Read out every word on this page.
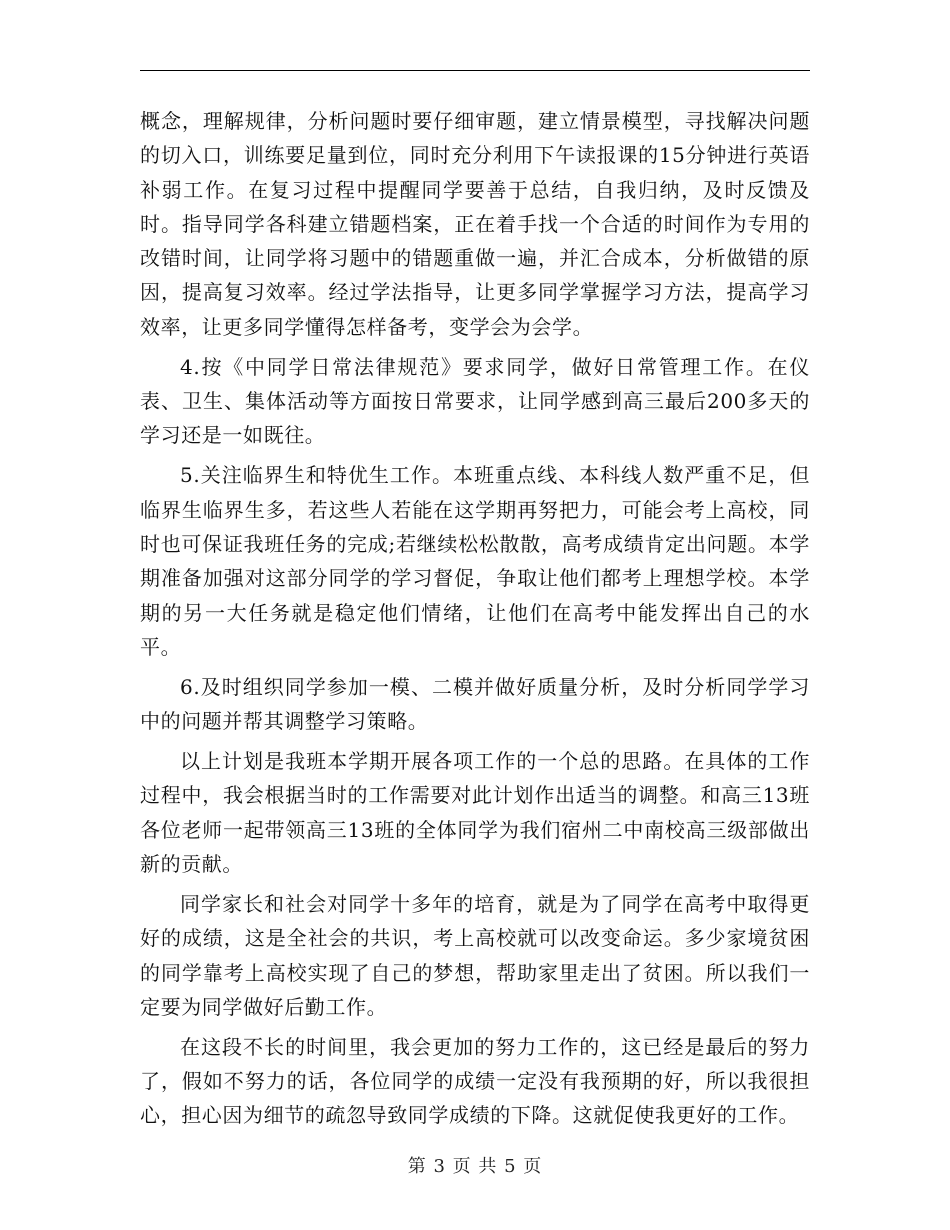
概念，理解规律，分析问题时要仔细审题，建立情景模型，寻找解决问题的切入口，训练要足量到位，同时充分利用下午读报课的15分钟进行英语补弱工作。在复习过程中提醒同学要善于总结，自我归纳，及时反馈及时。指导同学各科建立错题档案，正在着手找一个合适的时间作为专用的改错时间，让同学将习题中的错题重做一遍，并汇合成本，分析做错的原因，提高复习效率。经过学法指导，让更多同学掌握学习方法，提高学习效率，让更多同学懂得怎样备考，变学会为会学。

4.按《中同学日常法律规范》要求同学，做好日常管理工作。在仪表、卫生、集体活动等方面按日常要求，让同学感到高三最后200多天的学习还是一如既往。

5.关注临界生和特优生工作。本班重点线、本科线人数严重不足，但临界生临界生多，若这些人若能在这学期再努把力，可能会考上高校，同时也可保证我班任务的完成;若继续松松散散，高考成绩肯定出问题。本学期准备加强对这部分同学的学习督促，争取让他们都考上理想学校。本学期的另一大任务就是稳定他们情绪，让他们在高考中能发挥出自己的水平。

6.及时组织同学参加一模、二模并做好质量分析，及时分析同学学习中的问题并帮其调整学习策略。

以上计划是我班本学期开展各项工作的一个总的思路。在具体的工作过程中，我会根据当时的工作需要对此计划作出适当的调整。和高三13班各位老师一起带领高三13班的全体同学为我们宿州二中南校高三级部做出新的贡献。

同学家长和社会对同学十多年的培育，就是为了同学在高考中取得更好的成绩，这是全社会的共识，考上高校就可以改变命运。多少家境贫困的同学靠考上高校实现了自己的梦想，帮助家里走出了贫困。所以我们一定要为同学做好后勤工作。

在这段不长的时间里，我会更加的努力工作的，这已经是最后的努力了，假如不努力的话，各位同学的成绩一定没有我预期的好，所以我很担心，担心因为细节的疏忽导致同学成绩的下降。这就促使我更好的工作。

第 3 页 共 5 页
